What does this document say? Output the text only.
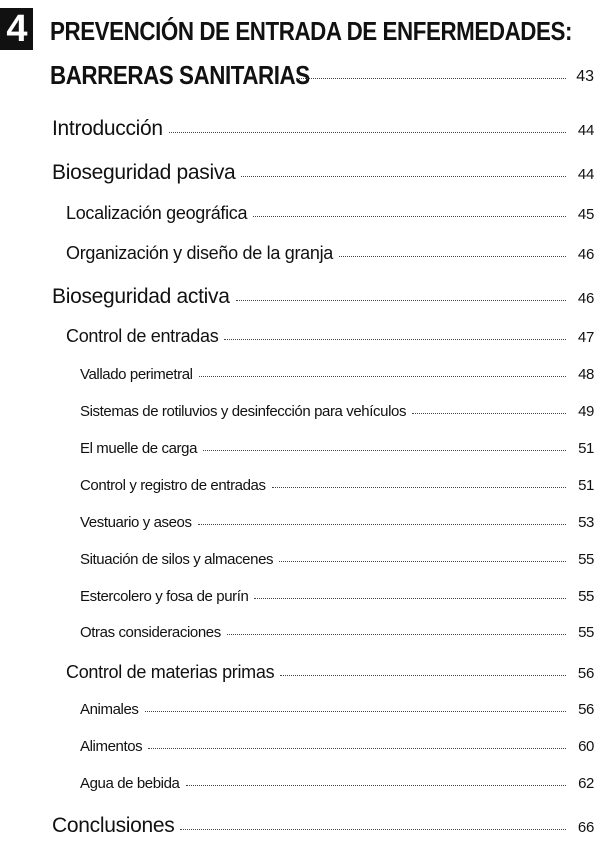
4 PREVENCIÓN DE ENTRADA DE ENFERMEDADES:
BARRERAS SANITARIAS	43
Introducción	44
Bioseguridad pasiva	44
Localización geográfica	45
Organización y diseño de la granja	46
Bioseguridad activa	46
Control de entradas	47
Vallado perimetral	48
Sistemas de rotiluvios y desinfección para vehículos	49
El muelle de carga	51
Control y registro de entradas	51
Vestuario y aseos	53
Situación de silos y almacenes	55
Estercolero y fosa de purín	55
Otras consideraciones	55
Control de materias primas	56
Animales	56
Alimentos	60
Agua de bebida	62
Conclusiones	66
